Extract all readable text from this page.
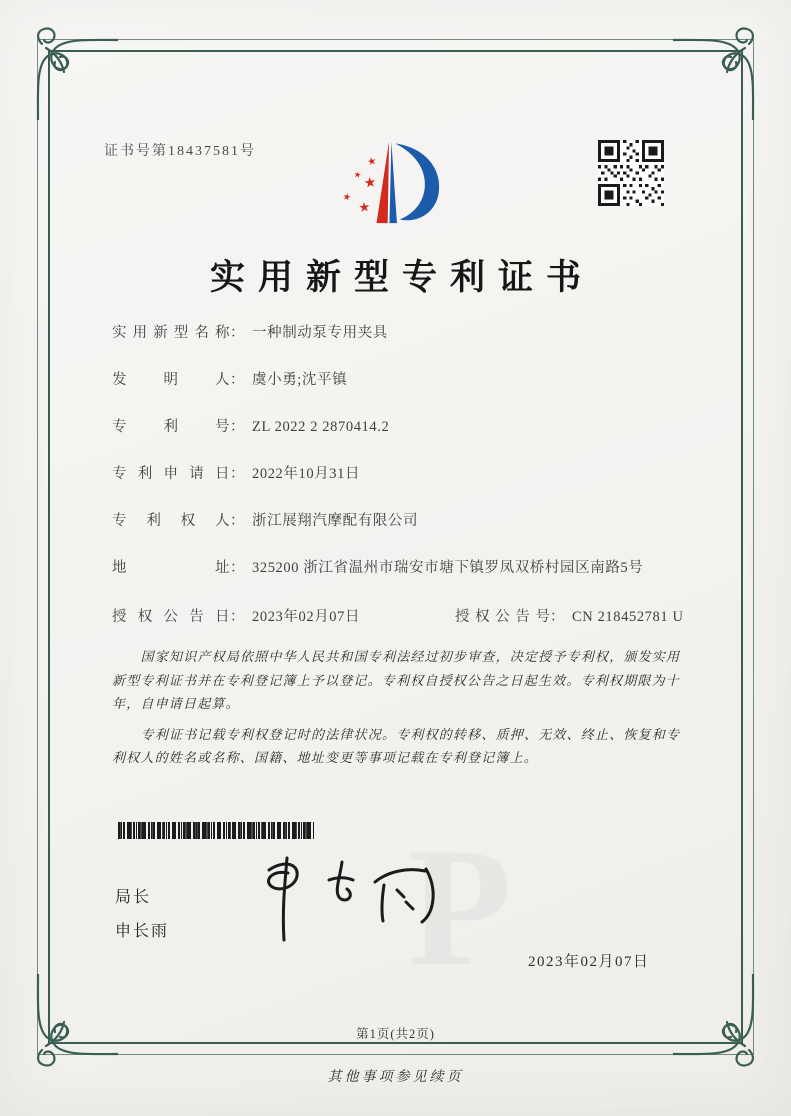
证书号第18437581号
★
★ ★
★
★
实用新型专利证书
实用新型名称 ： 一种制动泵专用夹具
发明人 ： 虞小勇;沈平镇
专利号 ： ZL 2022 2 2870414.2
专利申请日 ： 2022年10月31日
专利权人 ： 浙江展翔汽摩配有限公司
地址 ： 325200 浙江省温州市瑞安市塘下镇罗凤双桥村园区南路5号
授权公告日 ： 2023年02月07日	授权公告号 ： CN 218452781 U

国家知识产权局依照中华人民共和国专利法经过初步审查，决定授予专利权，颁发实用新型专利证书并在专利登记簿上予以登记。专利权自授权公告之日起生效。专利权期限为十年，自申请日起算。

专利证书记载专利权登记时的法律状况。专利权的转移、质押、无效、终止、恢复和专利权人的姓名或名称、国籍、地址变更等事项记载在专利登记簿上。

P
局长
申长雨
2023年02月07日
第1页(共2页)
其他事项参见续页
